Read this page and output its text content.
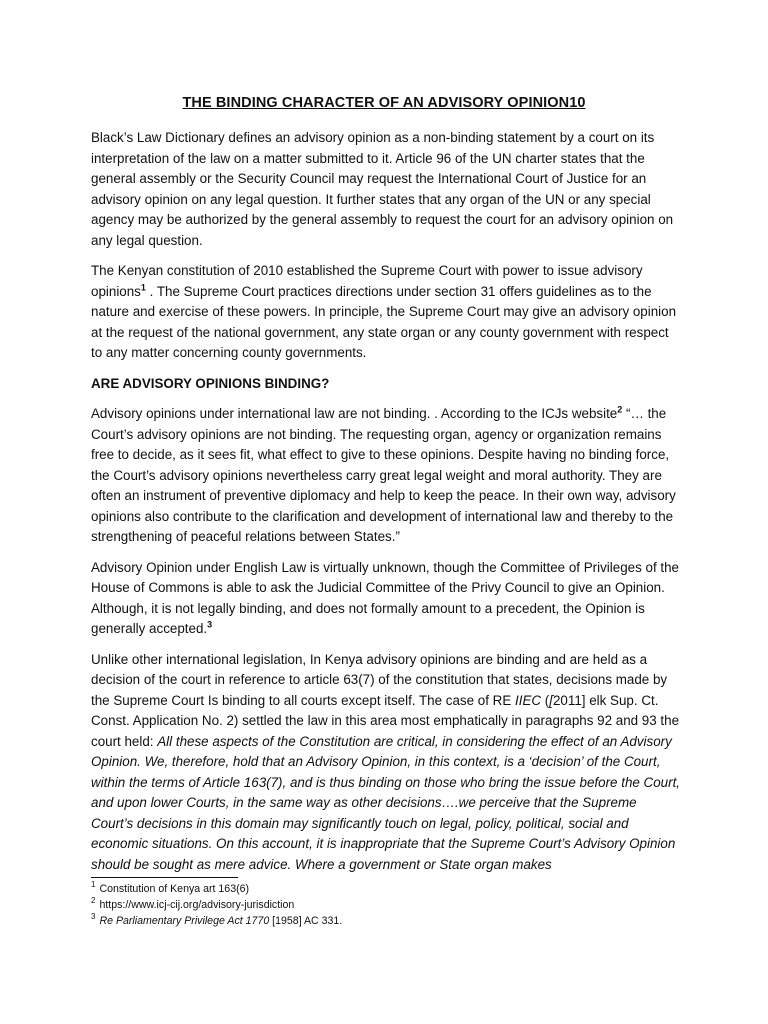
THE BINDING CHARACTER OF AN ADVISORY OPINION10

Black’s Law Dictionary defines an advisory opinion as a non-binding statement by a court on its interpretation of the law on a matter submitted to it. Article 96 of the UN charter states that the general assembly or the Security Council may request the International Court of Justice for an advisory opinion on any legal question. It further states that any organ of the UN or any special agency may be authorized by the general assembly to request the court for an advisory opinion on any legal question.

The Kenyan constitution of 2010 established the Supreme Court with power to issue advisory opinions$^1$ . The Supreme Court practices directions under section 31 offers guidelines as to the nature and exercise of these powers. In principle, the Supreme Court may give an advisory opinion at the request of the national government, any state organ or any county government with respect to any matter concerning county governments.

ARE ADVISORY OPINIONS BINDING?

Advisory opinions under international law are not binding. . According to the ICJs website$^2$ “… the Court’s advisory opinions are not binding. The requesting organ, agency or organization remains free to decide, as it sees fit, what effect to give to these opinions. Despite having no binding force, the Court’s advisory opinions nevertheless carry great legal weight and moral authority. They are often an instrument of preventive diplomacy and help to keep the peace. In their own way, advisory opinions also contribute to the clarification and development of international law and thereby to the strengthening of peaceful relations between States.”

Advisory Opinion under English Law is virtually unknown, though the Committee of Privileges of the House of Commons is able to ask the Judicial Committee of the Privy Council to give an Opinion. Although, it is not legally binding, and does not formally amount to a precedent, the Opinion is generally accepted.$^3$

Unlike other international legislation, In Kenya advisory opinions are binding and are held as a decision of the court in reference to article 63(7) of the constitution that states, decisions made by the Supreme Court Is binding to all courts except itself. The case of RE IIEC ([2011] elk Sup. Ct. Const. Application No. 2) settled the law in this area most emphatically in paragraphs 92 and 93 the court held: All these aspects of the Constitution are critical, in considering the effect of an Advisory Opinion. We, therefore, hold that an Advisory Opinion, in this context, is a ‘decision’ of the Court, within the terms of Article 163(7), and is thus binding on those who bring the issue before the Court, and upon lower Courts, in the same way as other decisions….we perceive that the Supreme Court’s decisions in this domain may significantly touch on legal, policy, political, social and economic situations. On this account, it is inappropriate that the Supreme Court’s Advisory Opinion should be sought as mere advice. Where a government or State organ makes

$^1$ Constitution of Kenya art 163(6)
$^2$ https://www.icj-cij.org/advisory-jurisdiction
$^3$ Re Parliamentary Privilege Act 1770 [1958] AC 331.
